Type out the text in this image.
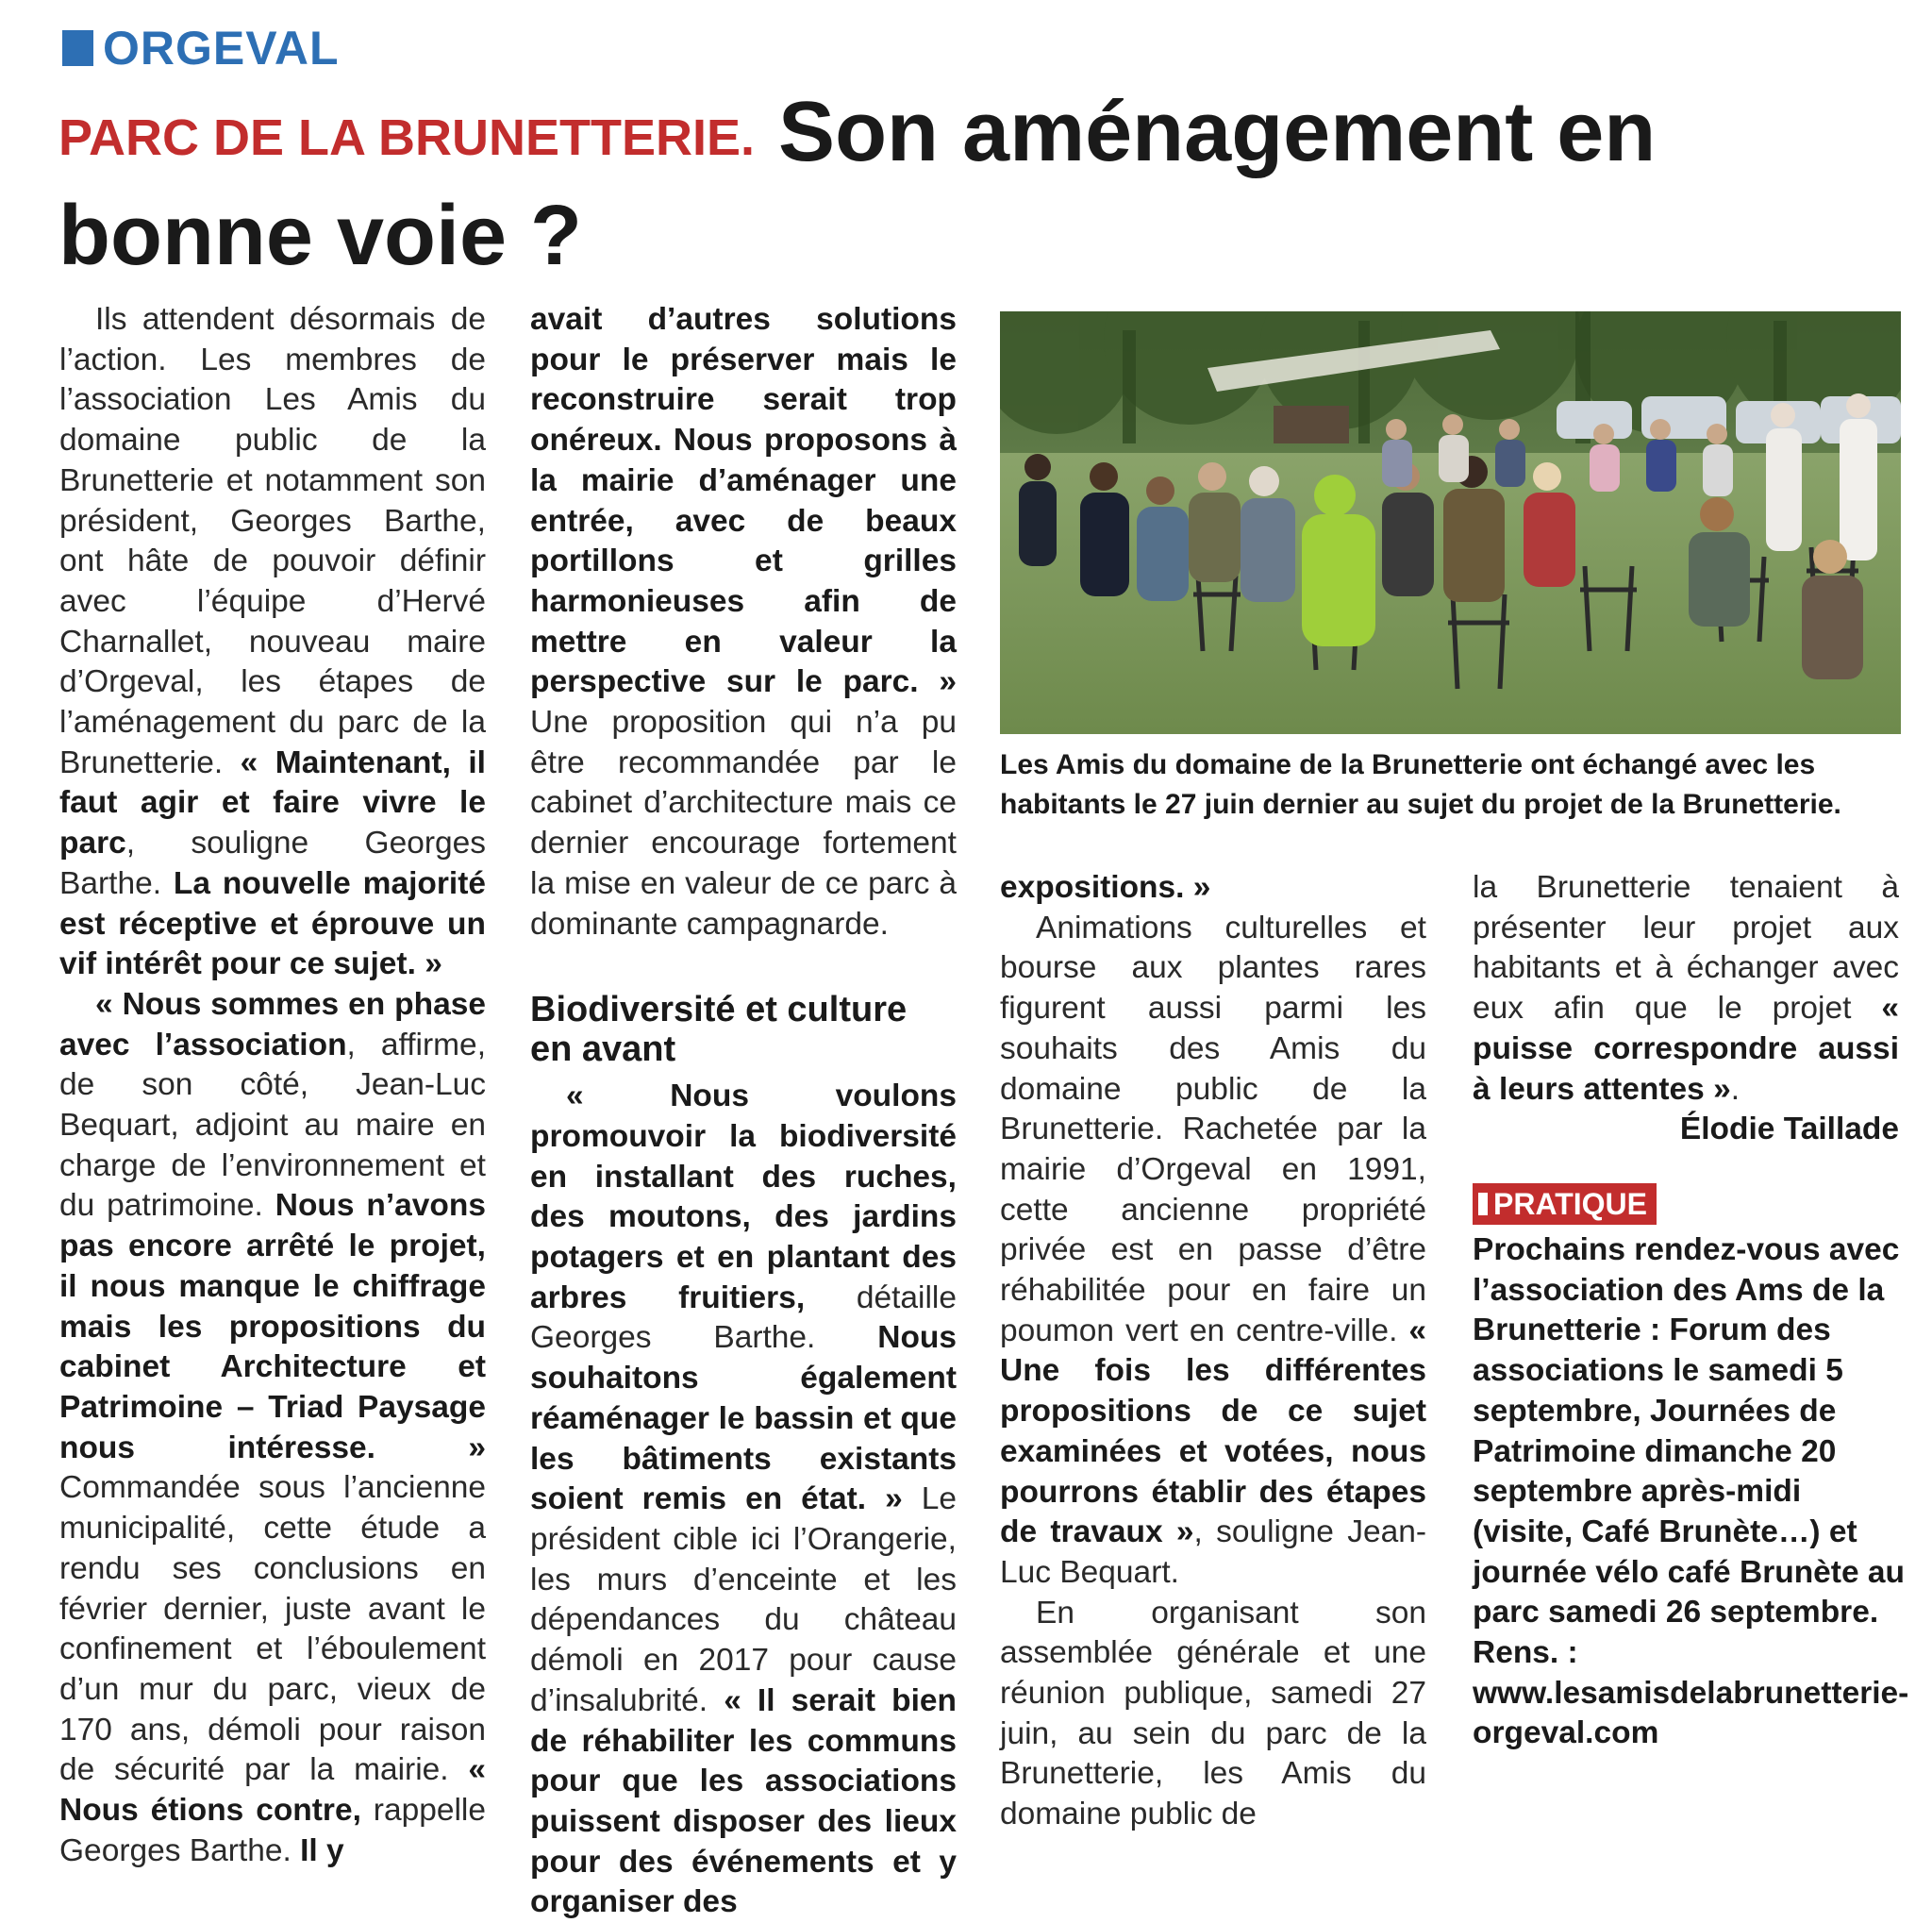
ORGEVAL
PARC DE LA BRUNETTERIE. Son aménagement en bonne voie ?

Ils attendent désormais de l’action. Les membres de l’association Les Amis du domaine public de la Brunetterie et notamment son président, Georges Barthe, ont hâte de pouvoir définir avec l’équipe d’Hervé Charnallet, nouveau maire d’Orgeval, les étapes de l’aménagement du parc de la Brunetterie. « Maintenant, il faut agir et faire vivre le parc, souligne Georges Barthe. La nouvelle majorité est réceptive et éprouve un vif intérêt pour ce sujet. »

« Nous sommes en phase avec l’association, affirme, de son côté, Jean-Luc Bequart, adjoint au maire en charge de l’environnement et du patrimoine. Nous n’avons pas encore arrêté le projet, il nous manque le chiffrage mais les propositions du cabinet Architecture et Patrimoine – Triad Paysage nous intéresse. » Commandée sous l’ancienne municipalité, cette étude a rendu ses conclusions en février dernier, juste avant le confinement et l’éboulement d’un mur du parc, vieux de 170 ans, démoli pour raison de sécurité par la mairie. « Nous étions contre, rappelle Georges Barthe. Il y

avait d’autres solutions pour le préserver mais le reconstruire serait trop onéreux. Nous proposons à la mairie d’aménager une entrée, avec de beaux portillons et grilles harmonieuses afin de mettre en valeur la perspective sur le parc. » Une proposition qui n’a pu être recommandée par le cabinet d’architecture mais ce dernier encourage fortement la mise en valeur de ce parc à dominante campagnarde.

Biodiversité et culture en avant

« Nous voulons promouvoir la biodiversité en installant des ruches, des moutons, des jardins potagers et en plantant des arbres fruitiers, détaille Georges Barthe. Nous souhaitons également réaménager le bassin et que les bâtiments existants soient remis en état. » Le président cible ici l’Orangerie, les murs d’enceinte et les dépendances du château démoli en 2017 pour cause d’insalubrité. « Il serait bien de réhabiliter les communs pour que les associations puissent disposer des lieux pour des événements et y organiser des

Les Amis du domaine de la Brunetterie ont échangé avec les habitants le 27 juin dernier au sujet du projet de la Brunetterie.

expositions. »

Animations culturelles et bourse aux plantes rares figurent aussi parmi les souhaits des Amis du domaine public de la Brunetterie. Rachetée par la mairie d’Orgeval en 1991, cette ancienne propriété privée est en passe d’être réhabilitée pour en faire un poumon vert en centre-ville. « Une fois les différentes propositions de ce sujet examinées et votées, nous pourrons établir des étapes de travaux », souligne Jean-Luc Bequart.

En organisant son assemblée générale et une réunion publique, samedi 27 juin, au sein du parc de la Brunetterie, les Amis du domaine public de

la Brunetterie tenaient à présenter leur projet aux habitants et à échanger avec eux afin que le projet « puisse correspondre aussi à leurs attentes ».

Élodie Taillade

PRATIQUE

Prochains rendez-vous avec l’association des Ams de la Brunetterie : Forum des associations le samedi 5 septembre, Journées de Patrimoine dimanche 20 septembre après-midi (visite, Café Brunète…) et journée vélo café Brunète au parc samedi 26 septembre. Rens. : www.lesamisdelabrunetterie-orgeval.com
